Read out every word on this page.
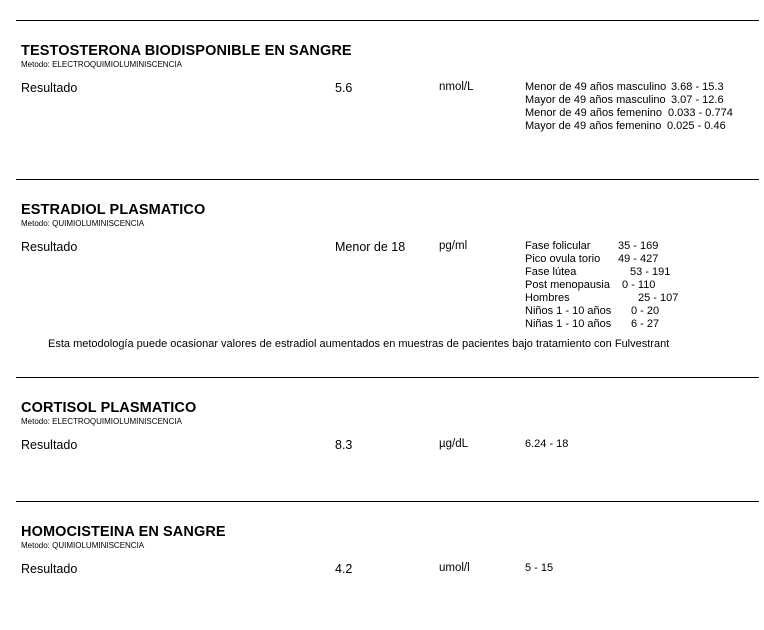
TESTOSTERONA BIODISPONIBLE EN SANGRE
Metodo: ELECTROQUIMIOLUMINISCENCIA
Resultado	5.6	nmol/L	Menor de 49 años masculino 3.68 - 15.3
Mayor de 49 años masculino 3.07 - 12.6
Menor de 49 años femenino 0.033 - 0.774
Mayor de 49 años femenino 0.025 - 0.46
ESTRADIOL PLASMATICO
Metodo: QUIMIOLUMINISCENCIA
Resultado	Menor de 18	pg/ml	Fase folicular	35 - 169
Pico ovula torio 49 - 427
Fase lútea	53 - 191
Post menopausia 0 - 110
Hombres	25 - 107
Niños 1 - 10 años 0 - 20
Niñas 1 - 10 años 6 - 27
Esta metodología puede ocasionar valores de estradiol aumentados en muestras de pacientes bajo tratamiento con Fulvestrant
CORTISOL PLASMATICO
Metodo: ELECTROQUIMIOLUMINISCENCIA
Resultado	8.3	µg/dL	6.24 - 18
HOMOCISTEINA EN SANGRE
Metodo: QUIMIOLUMINISCENCIA
Resultado	4.2	umol/l	5 - 15
